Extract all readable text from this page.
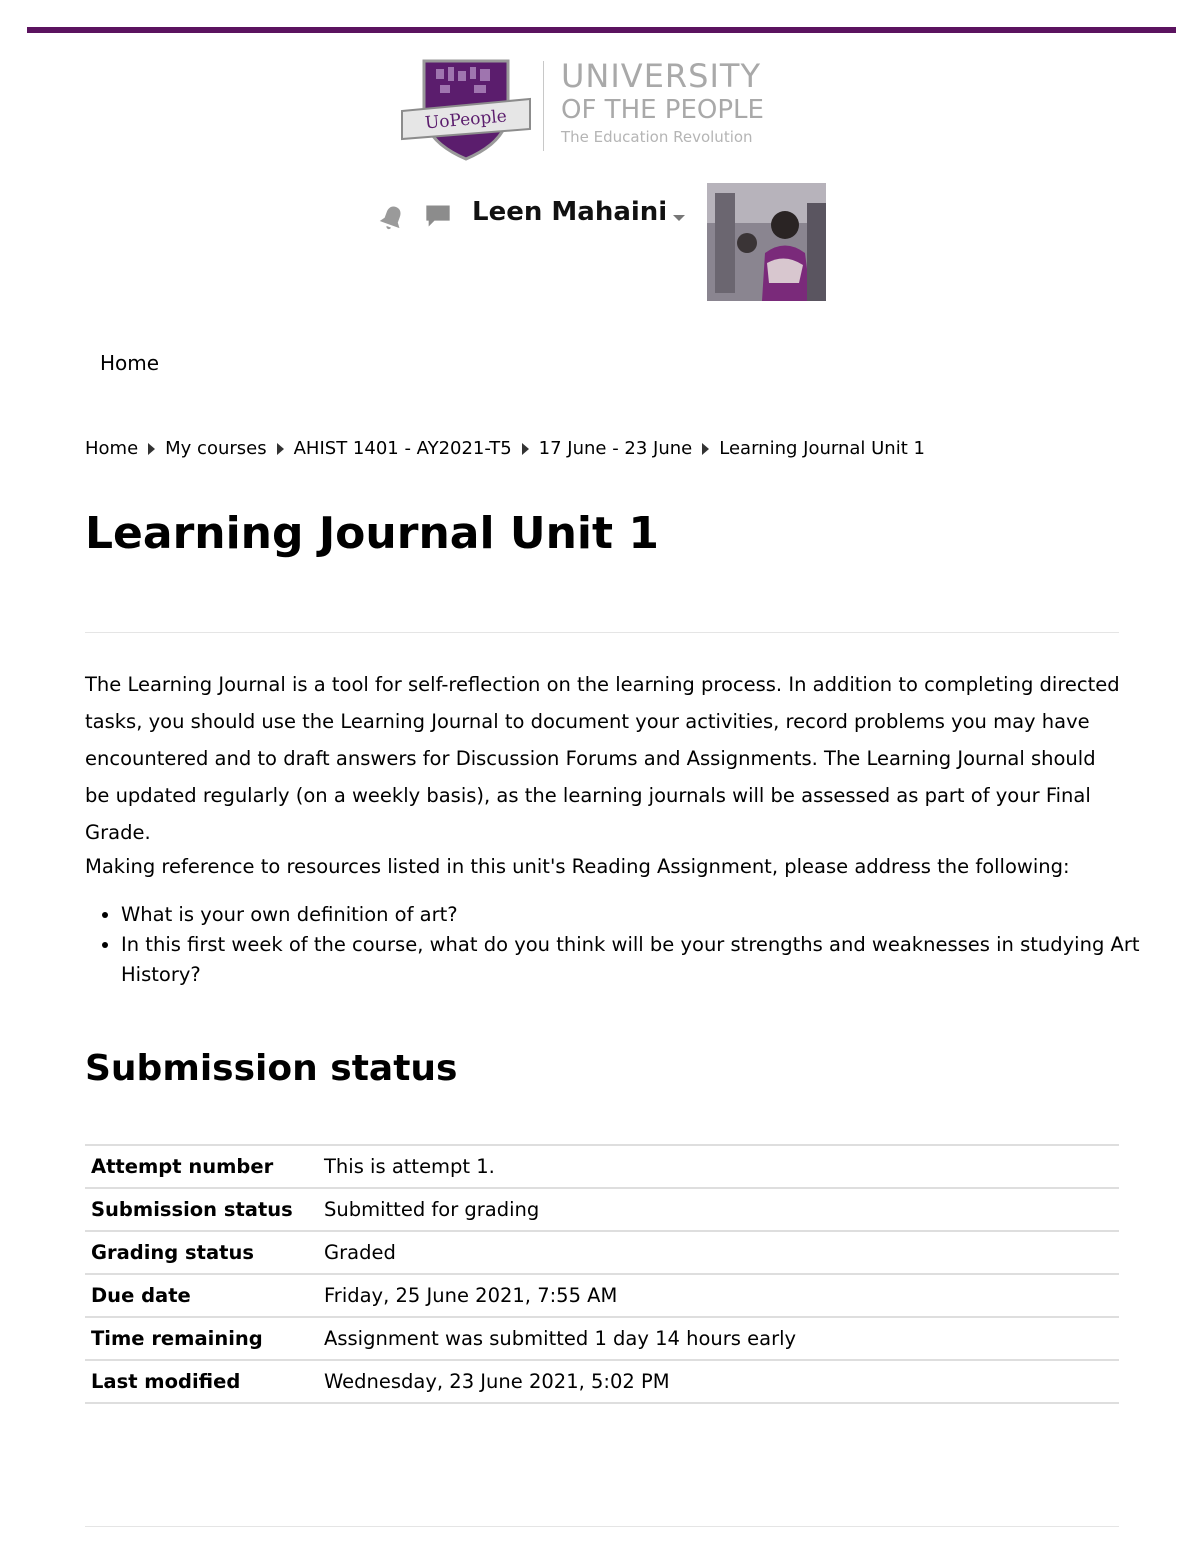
UoPeople
UNIVERSITY
OF THE PEOPLE
The Education Revolution
Leen Mahaini
Home
Home My courses AHIST 1401 - AY2021-T5 17 June - 23 June Learning Journal Unit 1
Learning Journal Unit 1

The Learning Journal is a tool for self-reflection on the learning process. In addition to completing directed tasks, you should use the Learning Journal to document your activities, record problems you may have encountered and to draft answers for Discussion Forums and Assignments. The Learning Journal should be updated regularly (on a weekly basis), as the learning journals will be assessed as part of your Final Grade.

Making reference to resources listed in this unit's Reading Assignment, please address the following:

• What is your own definition of art?
• In this first week of the course, what do you think will be your strengths and weaknesses in studying Art History?
Submission status
Attempt number	This is attempt 1.
Submission status	Submitted for grading
Grading status	Graded
Due date	Friday, 25 June 2021, 7:55 AM
Time remaining	Assignment was submitted 1 day 14 hours early
Last modified	Wednesday, 23 June 2021, 5:02 PM
